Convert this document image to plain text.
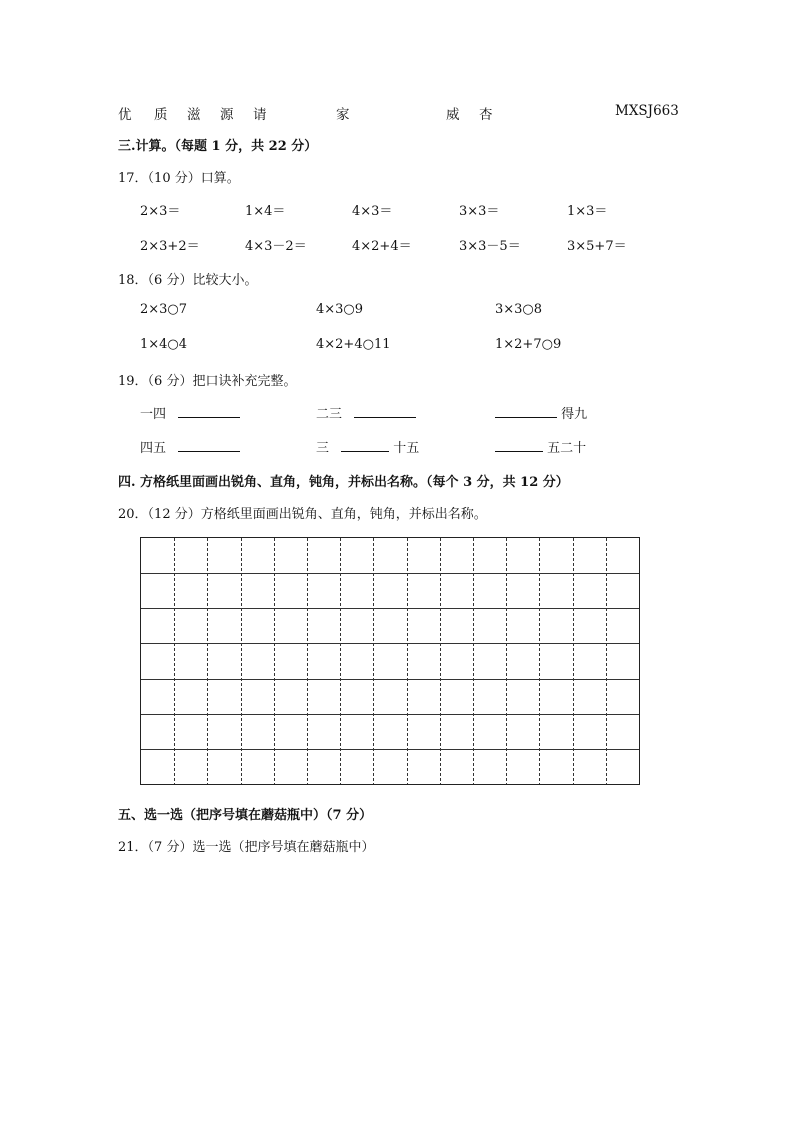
优 质 滋 源 请	家	威 杏	MXSJ663
三.计算。（每题 1 分，共 22 分）
17．（10 分）口算。
2×3＝	1×4＝	4×3＝	3×3＝	1×3＝
2×3+2＝	4×3－2＝	4×2+4＝	3×3－5＝	3×5+7＝
18．（6 分）比较大小。
2×3○7	4×3○9	3×3○8
1×4○4	4×2+4○11	1×2+7○9
19．（6 分）把口诀补充完整。
一四	二三	得九
四五	三	十五	五二十
四. 方格纸里面画出锐角、直角，钝角，并标出名称。（每个 3 分，共 12 分）
20．（12 分）方格纸里面画出锐角、直角，钝角，并标出名称。
五、选一选（把序号填在蘑菇瓶中）（7 分）
21．（7 分）选一选（把序号填在蘑菇瓶中）
